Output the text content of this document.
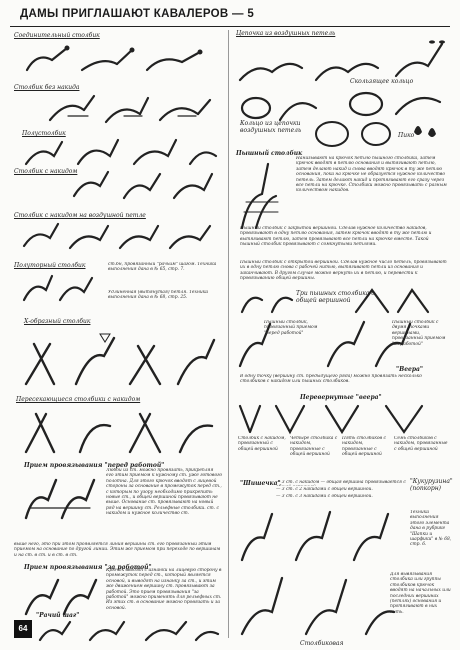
ДАМЫ ПРИГЛАШАЮТ КАВАЛЕРОВ — 5
Соединительный столбик
Столбик без накида
Полустолбик
Столбик с накидом
Столбик с накидом на воздушной петле
Полуторный столбик	ст.бн, провязанный "рачьим" шагом. Техника выполнения дана в № 65, стр. 7.
Удлиненная (вытянутая) петля. Техника выполнения дана в № 68, стр. 25.
Х-образный столбик
Пересекающиеся столбики с накидом
Прием провязывания "перед работой"
Любой из ст. можно провязать, прикрепляя его этим приемом к нужному ст. уже готового полотна. Для этого крючок вводят с лицевой стороны за основание в промежуток перед ст., с которым по узору необходимо прикрепить новые ст., и общей вершиной провязывают не выше. Основание ст. провязывают на новый ряд на вершину ст. Рельефные столбики. ст. с накидом и нужное количество ст.
выше него, это при этом проявляется линия вершины ст. его провязанный этим приемом на основание по другой линии. Этим же приемом при переходе по вершинам и на ст. в ст. и в ст. в ст.
Прием провязывания "за работой"
Крючок вводят с изнанки на лицевую сторону в промежуток перед ст., который является основой, и выводят на изнанку за ст., и этим же движением вершину ст. провязывают за работой. Это прием провязывания "за работой" можно применять для рельефных ст. Из этих ст. в основание можно провязать и за основой.
"Рачий шаг"
64
Цепочка из воздушных петель
Скользящее кольцо
Кольцо из цепочки воздушных петель
Пико
Пышный столбик
Нанизывают на крючок петлю пышного столбика, затем крючок вводят в петлю основания и вытягивают петлю, затем делают накид и снова вводят крючок в ту же петлю основания, пока на крючке не образуется нужное количество петель. Затем делают накид и протягивают его сразу через все петли на крючке. Столбики можно провязывать с разным количеством накидов.
Пышный столбик с закрытой вершиной. Сделав нужное количество накидов, провязывают в одну петлю основания, затем крючок вводят в ту же петлю и вытягивают петлю, затем провязывают все петли на крючке вместе. Такой пышный столбик провязывают с сомкнутыми петлями.
Пышный столбик с открытой вершиной. Сделав нужное число петель, провязывают их в одну петлю снова с рабочей нитью, вытягивают петли из основания и заканчивают. В другом случае можно вернуть их в петлю, и перевести к провязыванию общей вершины.
Три пышных столбика с общей вершиной
Пышный столбик, провязанный приемом "перед работой"
Пышный столбик с двумя точками вершинами, провязанный приемом "за работой"
"Веера"
В одну точку (вершину ст. предыдущего ряда) можно провязать несколько столбиков с накидом или пышных столбиков.
Перевернутые "веера"
Столбик с накидом, провязанный с общей вершиной
Четыре столбика с накидом, провязанные с общей вершиной
Пять столбиков с накидом, провязанные с общей вершиной
Семь столбиков с накидом, провязанные с общей вершиной
"Шишечка"
— 3 ст. с накидом — общая вершина провязывается с
— 3 ст. с 2 накидами с общей вершиной.
— 3 ст. с 3 накидами с общей вершиной.
"Кукурузина" (попкорн)
Техника выполнения этого элемента дана в рубрике "Шапки и шарфики" в № 68, стр. 6.
Для вывязывания столбика или группы столбиков крючок вводят на начальных или последних вершинах (петлях) основания и протягивают в них нить.
Столбиковая
